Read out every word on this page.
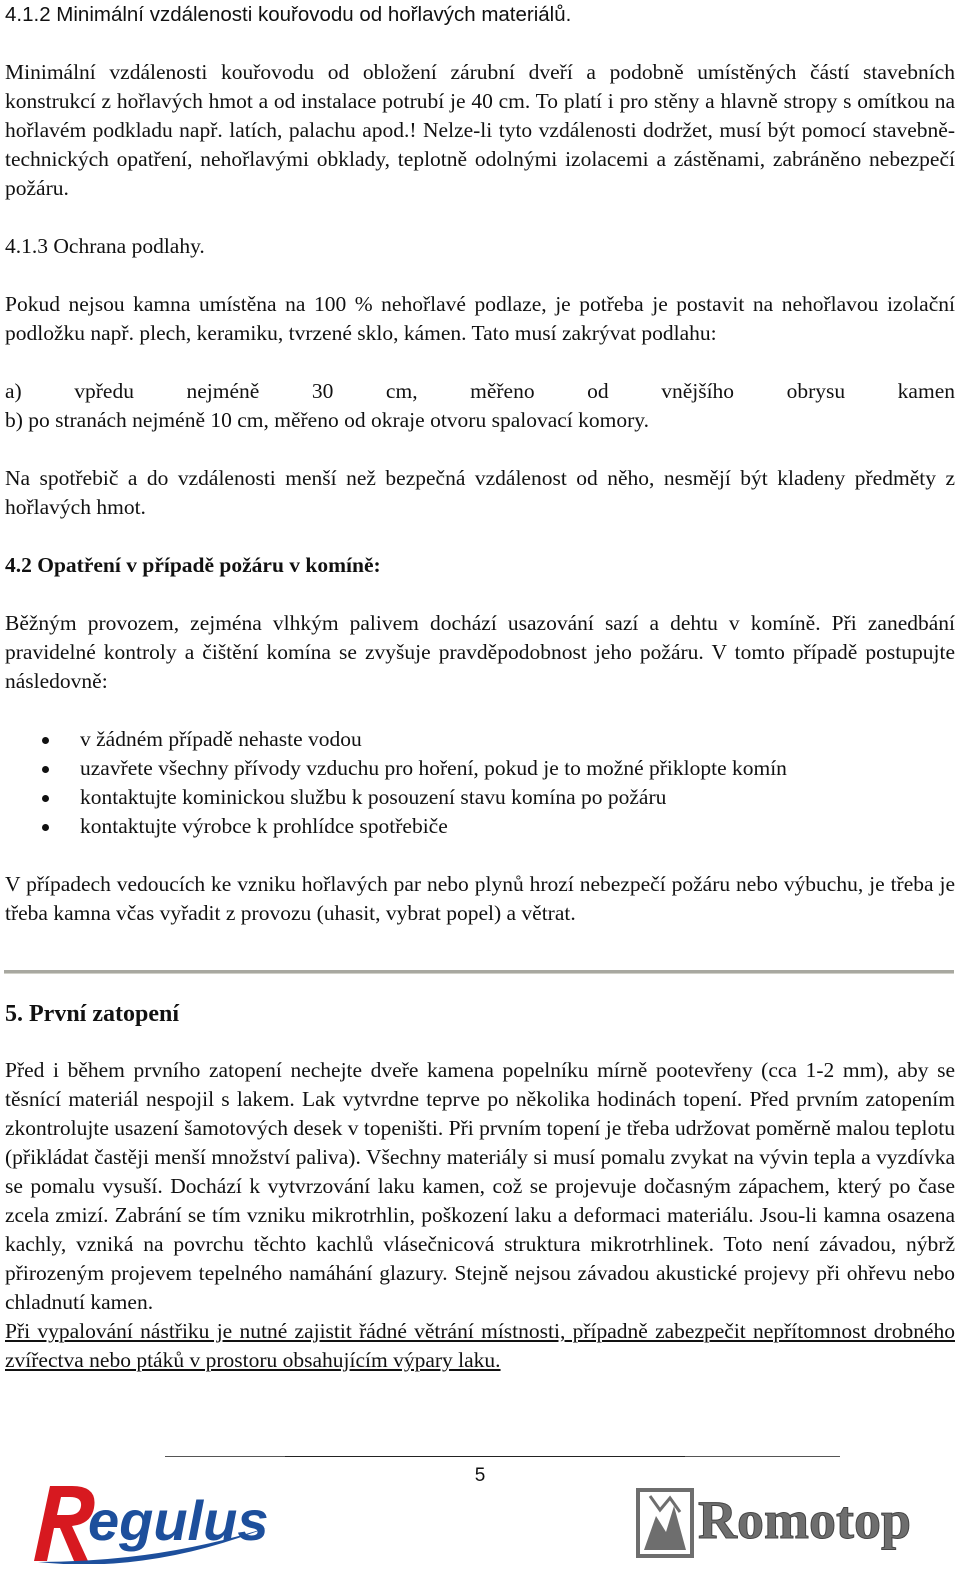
4.1.2 Minimální vzdálenosti kouřovodu od hořlavých materiálů.

Minimální vzdálenosti kouřovodu od obložení zárubní dveří a podobně umístěných částí stavebních konstrukcí z hořlavých hmot a od instalace potrubí je 40 cm. To platí i pro stěny a hlavně stropy s omítkou na hořlavém podkladu např. latích, palachu apod.! Nelze-li tyto vzdálenosti dodržet, musí být pomocí stavebně-technických opatření, nehořlavými obklady, teplotně odolnými izolacemi a zástěnami, zabráněno nebezpečí požáru.

4.1.3 Ochrana podlahy.

Pokud nejsou kamna umístěna na 100 % nehořlavé podlaze, je potřeba je postavit na nehořlavou izolační podložku např. plech, keramiku, tvrzené sklo, kámen. Tato musí zakrývat podlahu:

a) vpředu nejméně 30 cm, měřeno od vnějšího obrysu kamen

b) po stranách nejméně 10 cm, měřeno od okraje otvoru spalovací komory.

Na spotřebič a do vzdálenosti menší než bezpečná vzdálenost od něho, nesmějí být kladeny předměty z hořlavých hmot.

4.2 Opatření v případě požáru v komíně:

Běžným provozem, zejména vlhkým palivem dochází usazování sazí a dehtu v komíně. Při zanedbání pravidelné kontroly a čištění komína se zvyšuje pravděpodobnost jeho požáru. V tomto případě postupujte následovně:

v žádném případě nehaste vodou
uzavřete všechny přívody vzduchu pro hoření, pokud je to možné přiklopte komín
kontaktujte kominickou službu k posouzení stavu komína po požáru
kontaktujte výrobce k prohlídce spotřebiče

V případech vedoucích ke vzniku hořlavých par nebo plynů hrozí nebezpečí požáru nebo výbuchu, je třeba je třeba kamna včas vyřadit z provozu (uhasit, vybrat popel) a větrat.

5. První zatopení

Před i během prvního zatopení nechejte dveře kamena popelníku mírně pootevřeny (cca 1-2 mm), aby se těsnící materiál nespojil s lakem. Lak vytvrdne teprve po několika hodinách topení. Před prvním zatopením zkontrolujte usazení šamotových desek v topeništi. Při prvním topení je třeba udržovat poměrně malou teplotu (přikládat častěji menší množství paliva). Všechny materiály si musí pomalu zvykat na vývin tepla a vyzdívka se pomalu vysuší. Dochází k vytvrzování laku kamen, což se projevuje dočasným zápachem, který po čase zcela zmizí. Zabrání se tím vzniku mikrotrhlin, poškození laku a deformaci materiálu. Jsou-li kamna osazena kachly, vzniká na povrchu těchto kachlů vlásečnicová struktura mikrotrhlinek. Toto není závadou, nýbrž přirozeným projevem tepelného namáhání glazury. Stejně nejsou závadou akustické projevy při ohřevu nebo chladnutí kamen.

Při vypalování nástřiku je nutné zajistit řádné větrání místnosti, případně zabezpečit nepřítomnost drobného zvířectva nebo ptáků v prostoru obsahujícím výpary laku.

5
egulus	Romotop
